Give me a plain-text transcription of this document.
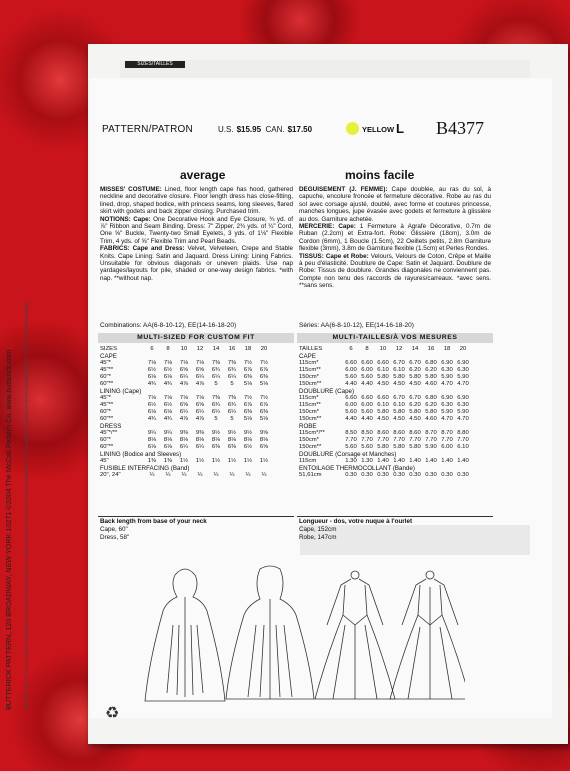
SIZES/TAILLES
BUTTERICK PATTERN, 120 BROADWAY, NEW YORK 10271 ©2004 The McCall Pattern Co. www.butterick.com	PRINTED IN U.S.A. ALL RIGHTS RESERVED. SOLD FOR INDIVIDUAL HOME USE ONLY AND NOT FOR COMMERCIAL OR MANUFACTURING PURPOSES/RESERVE A UN USAGE PERSONNEL
PATTERN/PATRON	U.S. $15.95 CAN. $17.50	YELLOW L B4377
average
MISSES' COSTUME: Lined, floor length cape has hood, gathered neckline and decorative closure. Floor length dress has close-fitting, lined, drop, shaped bodice, with princess seams, long sleeves, flared skirt with godets and back zipper closing. Purchased trim.
NOTIONS: Cape: One Decorative Hook and Eye Closure, ¾ yd. of ⅞" Ribbon and Seam Binding. Dress: 7" Zipper, 2¾ yds. of ¼" Cord, One ⅝" Buckle, Twenty-two Small Eyelets, 3 yds. of 1⅛" Flexible Trim, 4 yds. of ⅝" Flexible Trim and Pearl Beads.
FABRICS: Cape and Dress: Velvet, Velveteen, Crepe and Stable Knits. Cape Lining: Satin and Jaquard. Dress Lining: Lining Fabrics. Unsuitable for obvious diagonals or uneven plaids. Use nap yardages/layouts for pile, shaded or one-way design fabrics. *with nap. **without nap.
Combinations: AA(6-8-10-12), EE(14-16-18-20)
MULTI-SIZED FOR CUSTOM FIT
SIZES	6	8	10	12	14	16	18	20
CAPE								
45"*	7⅛	7⅛	7⅛	7⅛	7⅜	7⅜	7½	7½
45"**	6½	6½	6⅝	6⅝	6¾	6¾	6⅞	6⅞
60"*	6⅛	6⅛	6¼	6¼	6¼	6¼	6⅜	6⅜
60"**	4¾	4¾	4⅞	4⅞	5	5	5⅛	5⅛
LINING (Cape)								
45"*	7⅛	7⅛	7⅛	7⅛	7⅜	7⅜	7½	7½
45"**	6½	6½	6⅝	6⅝	6¾	6¾	6⅞	6⅞
60"*	6⅛	6⅛	6¼	6¼	6¼	6¼	6⅜	6⅜
60"**	4¾	4¾	4⅞	4⅞	5	5	5⅛	5⅛
DRESS								
45"*/**	9¼	9¼	9⅜	9⅜	9½	9½	9½	9⅝
60"*	8⅛	8⅛	8⅛	8⅛	8⅛	8⅛	8⅛	8⅛
60"**	6⅛	6⅛	6¼	6¼	6⅜	6⅜	6½	6⅝
LINING (Bodice and Sleeves)								
45"	1⅜	1⅜	1½	1½	1½	1½	1½	1½
FUSIBLE INTERFACING (Band)								
20", 24"	¼	¼	¼	¼	¼	¼	¼	¼
Back length from base of your neck
Cape, 60"
Dress, 58"
moins facile
DEGUISEMENT (J. FEMME): Cape doublée, au ras du sol, à capuche, encolure froncée et fermeture décorative. Robe au ras du sol avec corsage ajusté, doublé, avec forme et coutures princesse, manches longues, jupe évasée avec godets et fermeture à glissière au dos. Garniture achetée.
MERCERIE: Cape: 1 Fermeture à Agrafe Décorative, 0.7m de Ruban (2.2cm) et Extra-fort. Robe: Glissière (18cm), 3.0m de Cordon (6mm), 1 Boucle (1.5cm), 22 Oeillets petits, 2.8m Garniture flexible (3mm), 3.8m de Garniture flexible (1.5cm) et Perles Rondes.
TISSUS: Cape et Robe: Velours, Velours de Coton, Crêpe et Maille à peu d'élasticité. Doublure de Cape: Satin et Jaquard. Doublure de Robe: Tissus de doublure. Grandes diagonales ne conviennent pas. Compte non tenu des raccords de rayures/carreaux. *avec sens. **sans sens.
Séries: AA(6-8-10-12), EE(14-16-18-20)
MULTI-TAILLES/À VOS MESURES
TAILLES	6	8	10	12	14	16	18	20
CAPE								
115cm*	6.60	6.60	6.60	6.70	6.70	6.80	6.90	6.90
115cm**	6.00	6.00	6.10	6.10	6.20	6.20	6.30	6.30
150cm*	5.60	5.60	5.80	5.80	5.80	5.80	5.90	5.90
150cm**	4.40	4.40	4.50	4.50	4.50	4.60	4.70	4.70
DOUBLURE (Cape)								
115cm*	6.60	6.60	6.60	6.70	6.70	6.80	6.90	6.90
115cm**	6.00	6.00	6.10	6.10	6.20	6.20	6.30	6.30
150cm*	5.60	5.60	5.80	5.80	5.80	5.80	5.90	5.90
150cm**	4.40	4.40	4.50	4.50	4.50	4.60	4.70	4.70
ROBE								
115cm*/**	8.50	8.50	8.60	8.60	8.60	8.70	8.70	8.80
150cm*	7.70	7.70	7.70	7.70	7.70	7.70	7.70	7.70
150cm**	5.60	5.60	5.80	5.80	5.80	5.90	6.00	6.10
DOUBLURE (Corsage et Manches)								
115cm	1.30	1.30	1.40	1.40	1.40	1.40	1.40	1.40
ENTOILAGE THERMOCOLLANT (Bande)								
51,61cm	0.30	0.30	0.30	0.30	0.30	0.30	0.30	0.30
Longueur - dos, votre nuque à l'ourlet
Cape, 152cm
Robe, 147cm
♻
